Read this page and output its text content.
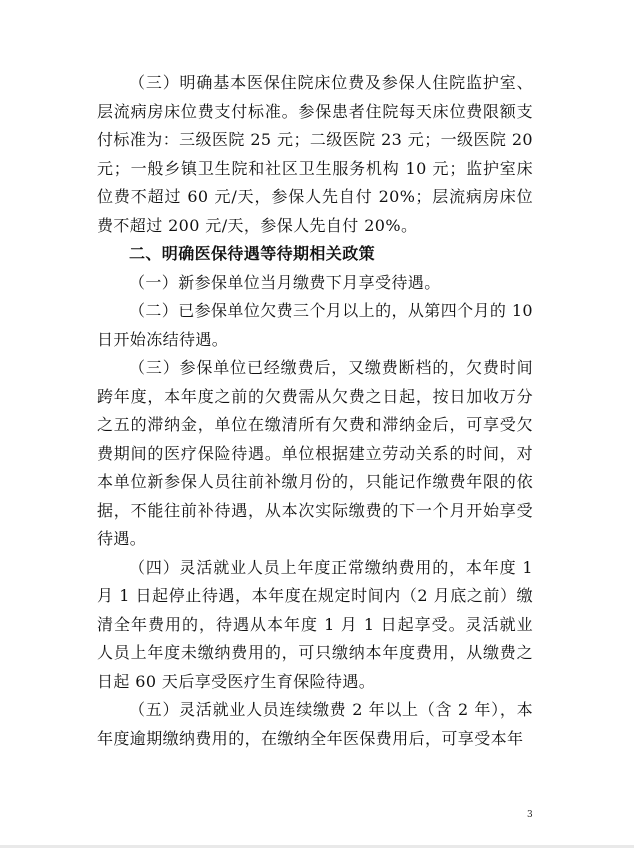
（三）明确基本医保住院床位费及参保人住院监护室、层流病房床位费支付标准。参保患者住院每天床位费限额支付标准为：三级医院 25 元；二级医院 23 元；一级医院 20 元；一般乡镇卫生院和社区卫生服务机构 10 元；监护室床位费不超过 60 元/天，参保人先自付 20%；层流病房床位费不超过 200 元/天，参保人先自付 20%。

二、明确医保待遇等待期相关政策

（一）新参保单位当月缴费下月享受待遇。

（二）已参保单位欠费三个月以上的，从第四个月的 10 日开始冻结待遇。

（三）参保单位已经缴费后，又缴费断档的，欠费时间跨年度，本年度之前的欠费需从欠费之日起，按日加收万分之五的滞纳金，单位在缴清所有欠费和滞纳金后，可享受欠费期间的医疗保险待遇。单位根据建立劳动关系的时间，对本单位新参保人员往前补缴月份的，只能记作缴费年限的依据，不能往前补待遇，从本次实际缴费的下一个月开始享受待遇。

（四）灵活就业人员上年度正常缴纳费用的，本年度 1 月 1 日起停止待遇，本年度在规定时间内（2 月底之前）缴清全年费用的，待遇从本年度 1 月 1 日起享受。灵活就业人员上年度未缴纳费用的，可只缴纳本年度费用，从缴费之日起 60 天后享受医疗生育保险待遇。

（五）灵活就业人员连续缴费 2 年以上（含 2 年），本年度逾期缴纳费用的，在缴纳全年医保费用后，可享受本年

3
